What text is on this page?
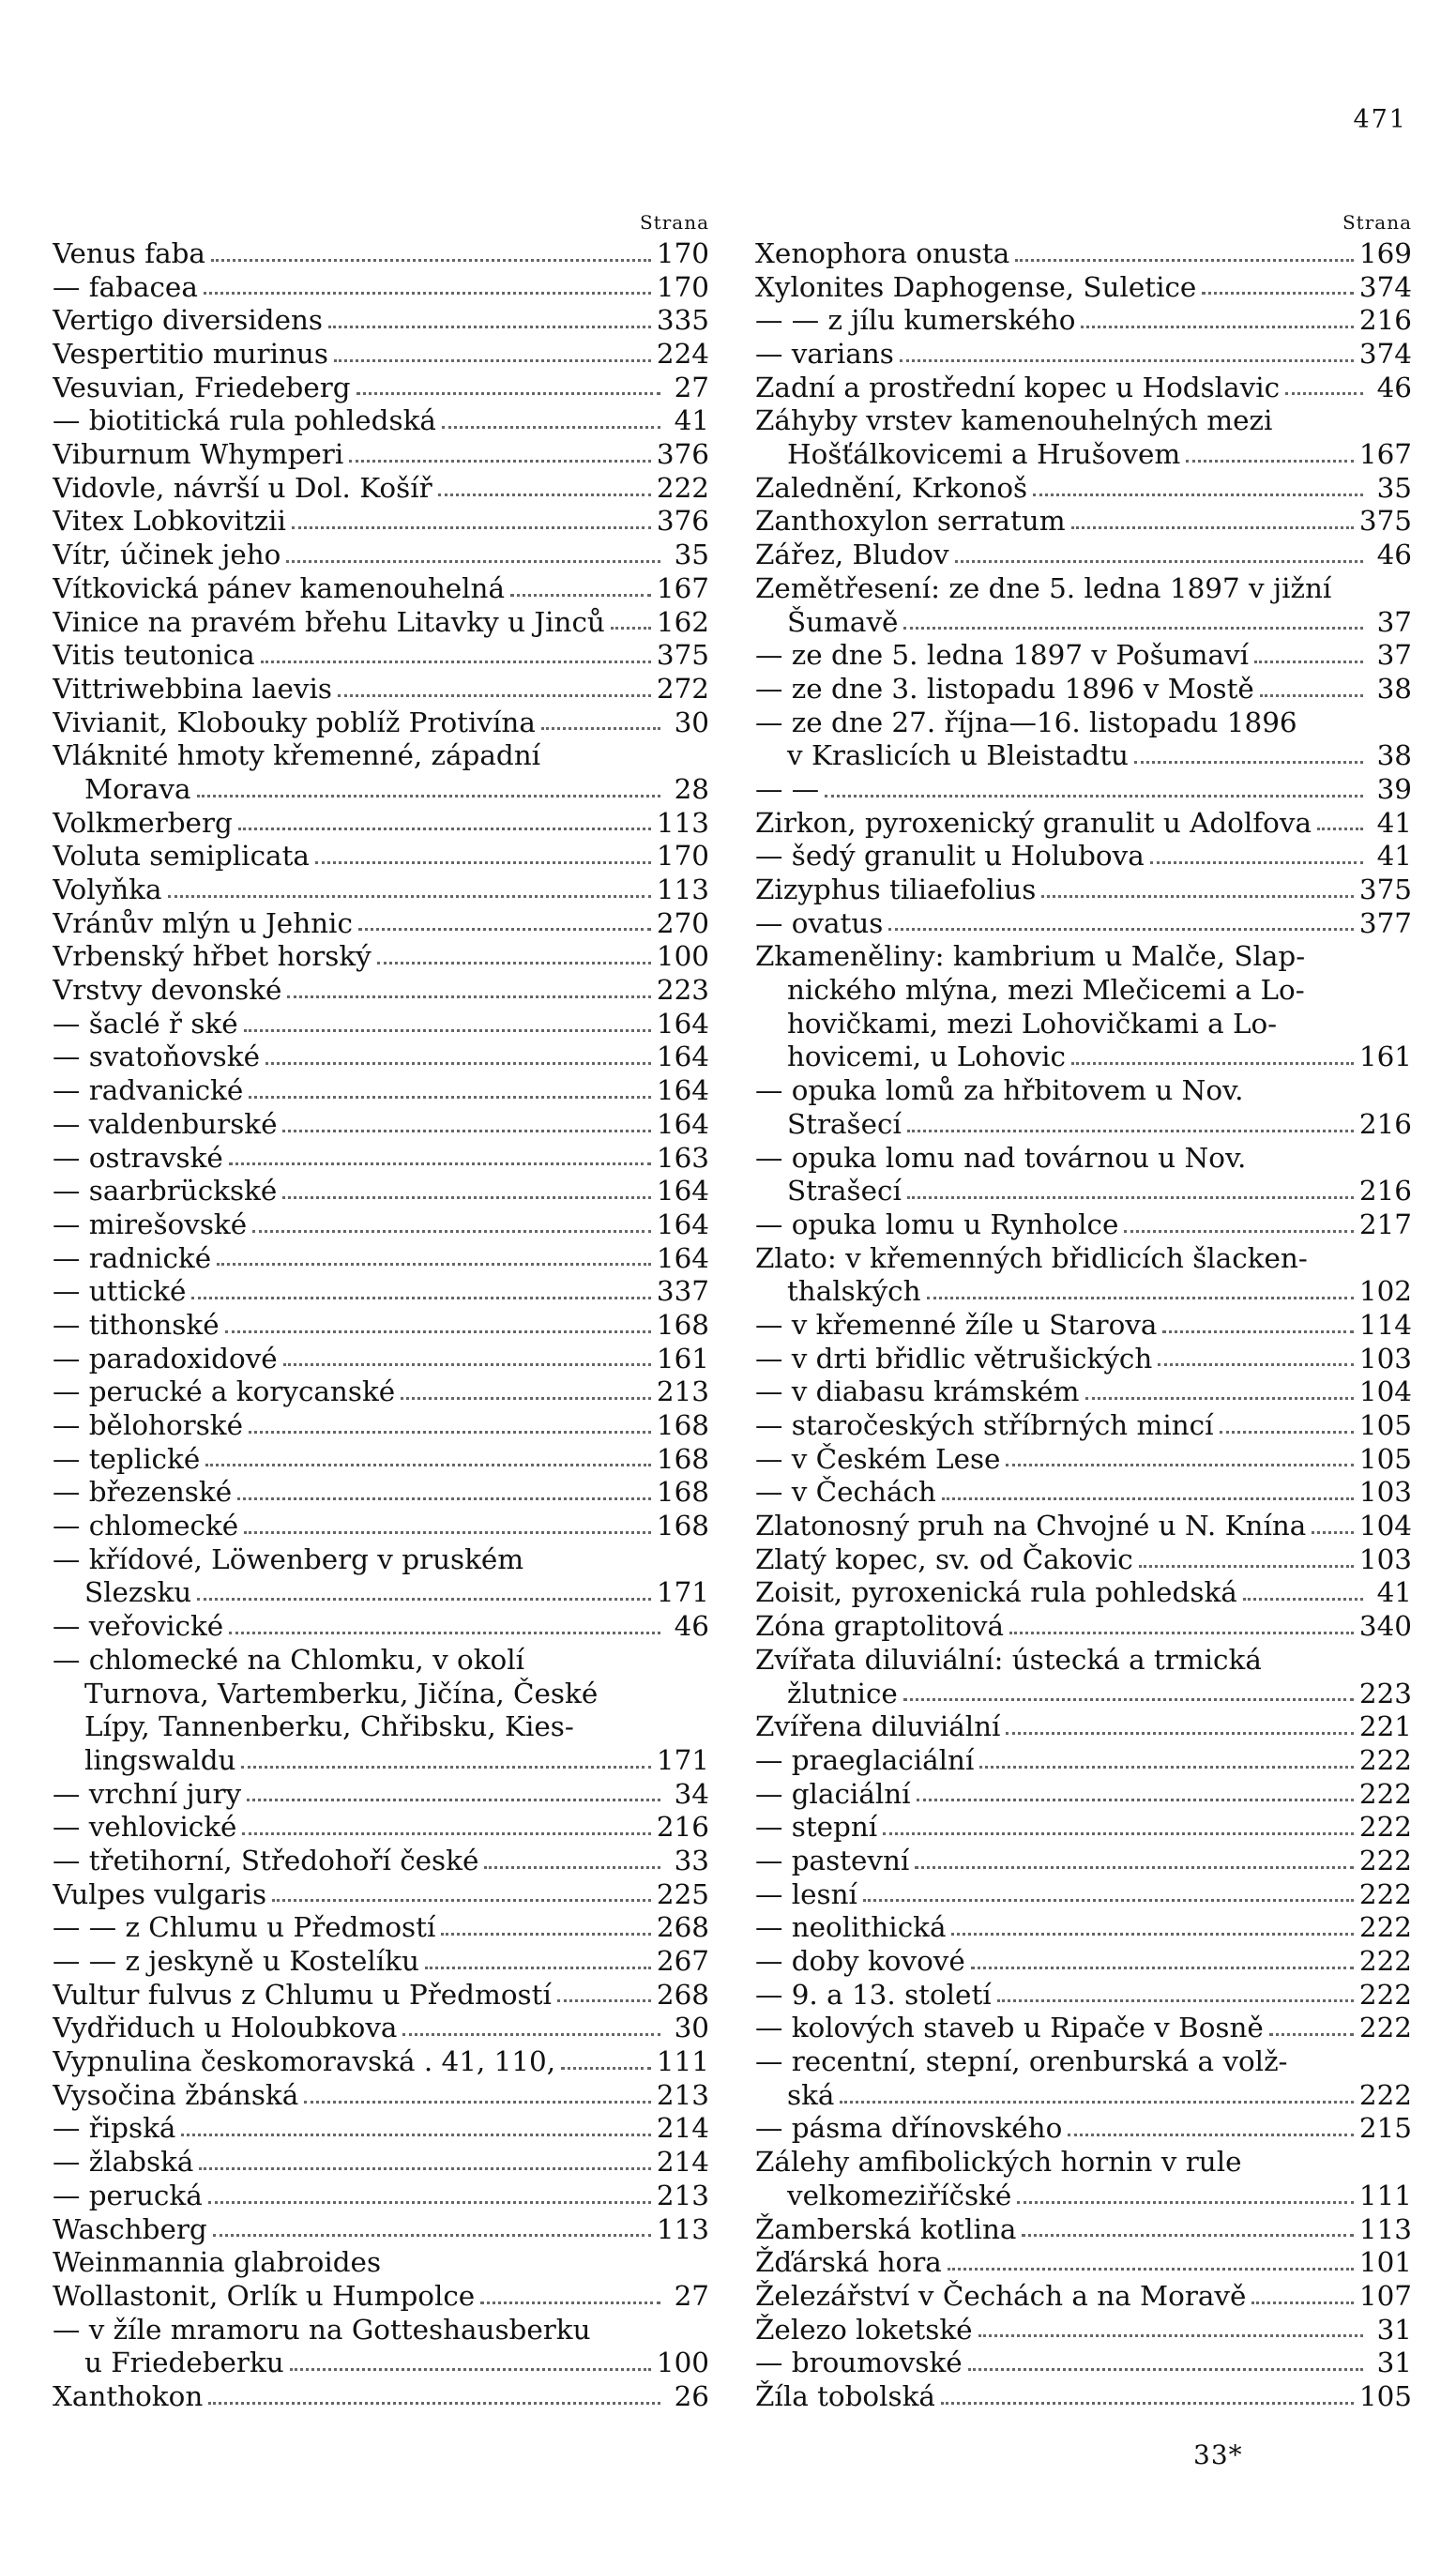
471
Strana
Venus faba	170
— fabacea	170
Vertigo diversidens	335
Vespertitio murinus	224
Vesuvian, Friedeberg	27
— biotitická rula pohledská	41
Viburnum Whymperi	376
Vidovle, návrší u Dol. Košíř	222
Vitex Lobkovitzii	376
Vítr, účinek jeho	35
Vítkovická pánev kamenouhelná	167
Vinice na pravém břehu Litavky u Jinců 162
Vitis teutonica	375
Vittriwebbina laevis	272
Vivianit, Klobouky poblíž Protivína	30
Vláknité hmoty křemenné, západní
Morava	28
Volkmerberg	113
Voluta semiplicata	170
Volyňka	113
Vránův mlýn u Jehnic	270
Vrbenský hřbet horský	100
Vrstvy devonské	223
— šaclé ř ské	164
— svatoňovské	164
— radvanické	164
— valdenburské	164
— ostravské	163
— saarbrückské	164
— mirešovské	164
— radnické	164
— uttické	337
— tithonské	168
— paradoxidové	161
— perucké a korycanské	213
— bělohorské	168
— teplické	168
— březenské	168
— chlomecké	168
— křídové, Löwenberg v pruském
Slezsku	171
— veřovické	46
— chlomecké na Chlomku, v okolí
Turnova, Vartemberku, Jičína, České
Lípy, Tannenberku, Chřibsku, Kies-
lingswaldu	171
— vrchní jury	34
— vehlovické	216
— třetihorní, Středohoří české	33
Vulpes vulgaris	225
— — z Chlumu u Předmostí	268
— — z jeskyně u Kostelíku	267
Vultur fulvus z Chlumu u Předmostí	268
Vydřiduch u Holoubkova	30
Vypnulina českomoravská . 41, 110,	111
Vysočina žbánská	213
— řipská	214
— žlabská	214
— perucká	213
Waschberg	113
Weinmannia glabroides
Wollastonit, Orlík u Humpolce	27
— v žíle mramoru na Gotteshausberku
u Friedeberku	100
Xanthokon	26
Strana
Xenophora onusta	169
Xylonites Daphogense, Suletice	374
— — z jílu kumerského	216
— varians	374
Zadní a prostřední kopec u Hodslavic	46
Záhyby vrstev kamenouhelných mezi
Hošťálkovicemi a Hrušovem	167
Zalednění, Krkonoš	35
Zanthoxylon serratum	375
Zářez, Bludov	46
Zemětřesení: ze dne 5. ledna 1897 v jižní
Šumavě	37
— ze dne 5. ledna 1897 v Pošumaví	37
— ze dne 3. listopadu 1896 v Mostě	38
— ze dne 27. října—16. listopadu 1896
v Kraslicích u Bleistadtu	38
— —	39
Zirkon, pyroxenický granulit u Adolfova 41
— šedý granulit u Holubova	41
Zizyphus tiliaefolius	375
— ovatus	377
Zkameněliny: kambrium u Malče, Slap-
nického mlýna, mezi Mlečicemi a Lo-
hovičkami, mezi Lohovičkami a Lo-
hovicemi, u Lohovic	161
— opuka lomů za hřbitovem u Nov.
Strašecí	216
— opuka lomu nad továrnou u Nov.
Strašecí	216
— opuka lomu u Rynholce	217
Zlato: v křemenných břidlicích šlacken-
thalských	102
— v křemenné žíle u Starova	114
— v drti břidlic větrušických	103
— v diabasu krámském	104
— staročeských stříbrných mincí	105
— v Českém Lese	105
— v Čechách	103
Zlatonosný pruh na Chvojné u N. Knína 104
Zlatý kopec, sv. od Čakovic	103
Zoisit, pyroxenická rula pohledská	41
Zóna graptolitová	340
Zvířata diluviální: ústecká a trmická
žlutnice	223
Zvířena diluviální	221
— praeglaciální	222
— glaciální	222
— stepní	222
— pastevní	222
— lesní	222
— neolithická	222
— doby kovové	222
— 9. a 13. století	222
— kolových staveb u Ripače v Bosně	222
— recentní, stepní, orenburská a volž-
ská	222
— pásma dřínovského	215
Zálehy amfibolických hornin v rule
velkomeziříčské	111
Žamberská kotlina	113
Žďárská hora	101
Železářství v Čechách a na Moravě	107
Železo loketské	31
— broumovské	31
Žíla tobolská	105
33*
